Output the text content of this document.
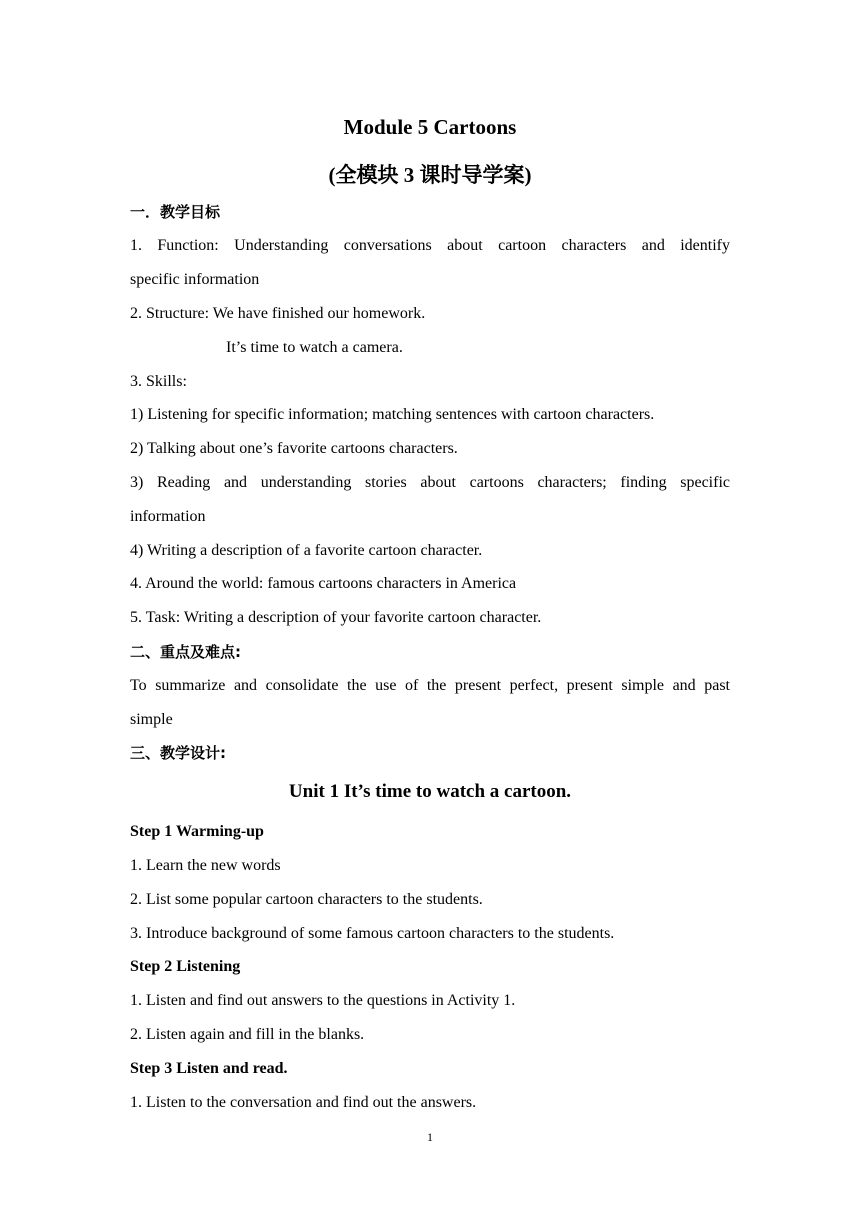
Module 5 Cartoons
(全模块 3 课时导学案)
一．教学目标
1. Function: Understanding conversations about cartoon characters and identify
specific information
2. Structure: We have finished our homework.
It’s time to watch a camera.
3. Skills:
1) Listening for specific information; matching sentences with cartoon characters.
2) Talking about one’s favorite cartoons characters.
3) Reading and understanding stories about cartoons characters; finding specific
information
4) Writing a description of a favorite cartoon character.
4. Around the world: famous cartoons characters in America
5. Task: Writing a description of your favorite cartoon character.
二、重点及难点:
To summarize and consolidate the use of the present perfect, present simple and past
simple
三、教学设计:
Unit 1 It’s time to watch a cartoon.
Step 1 Warming-up
1. Learn the new words
2. List some popular cartoon characters to the students.
3. Introduce background of some famous cartoon characters to the students.
Step 2 Listening
1. Listen and find out answers to the questions in Activity 1.
2. Listen again and fill in the blanks.
Step 3 Listen and read.
1. Listen to the conversation and find out the answers.
1
